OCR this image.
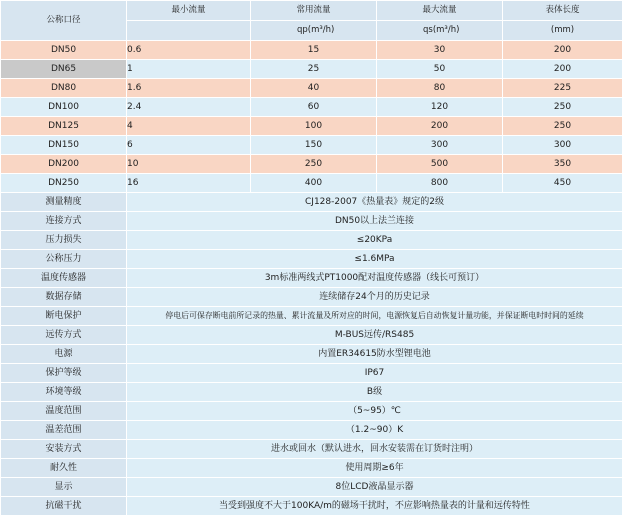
公称口径	最小流量	常用流量	最大流量	表体长度
		qp(m³/h)	qs(m³/h)	(mm)
DN50	0.6	15	30	200
DN65	1	25	50	200
DN80	1.6	40	80	225
DN100	2.4	60	120	250
DN125	4	100	200	250
DN150	6	150	300	300
DN200	10	250	500	350
DN250	16	400	800	450
测量精度	CJ128-2007《热量表》规定的2级			
连接方式	DN50以上法兰连接			
压力损失	≤20KPa			
公称压力	≤1.6MPa			
温度传感器	3m标准两线式PT1000配对温度传感器（线长可预订）			
数据存储	连续储存24个月的历史记录			
断电保护	停电后可保存断电前所记录的热量、累计流量及所对应的时间，电源恢复后自动恢复计量功能，并保证断电时时间的延续			
远传方式	M-BUS远传/RS485			
电源	内置ER34615防水型锂电池			
保护等级	IP67			
环境等级	B级			
温度范围	（5~95）℃			
温差范围	（1.2~90）K			
安装方式	进水或回水（默认进水，回水安装需在订货时注明）			
耐久性	使用周期≥6年			
显示	8位LCD液晶显示器			
抗磁干扰	当受到强度不大于100KA/m的磁场干扰时，不应影响热量表的计量和远传特性			
